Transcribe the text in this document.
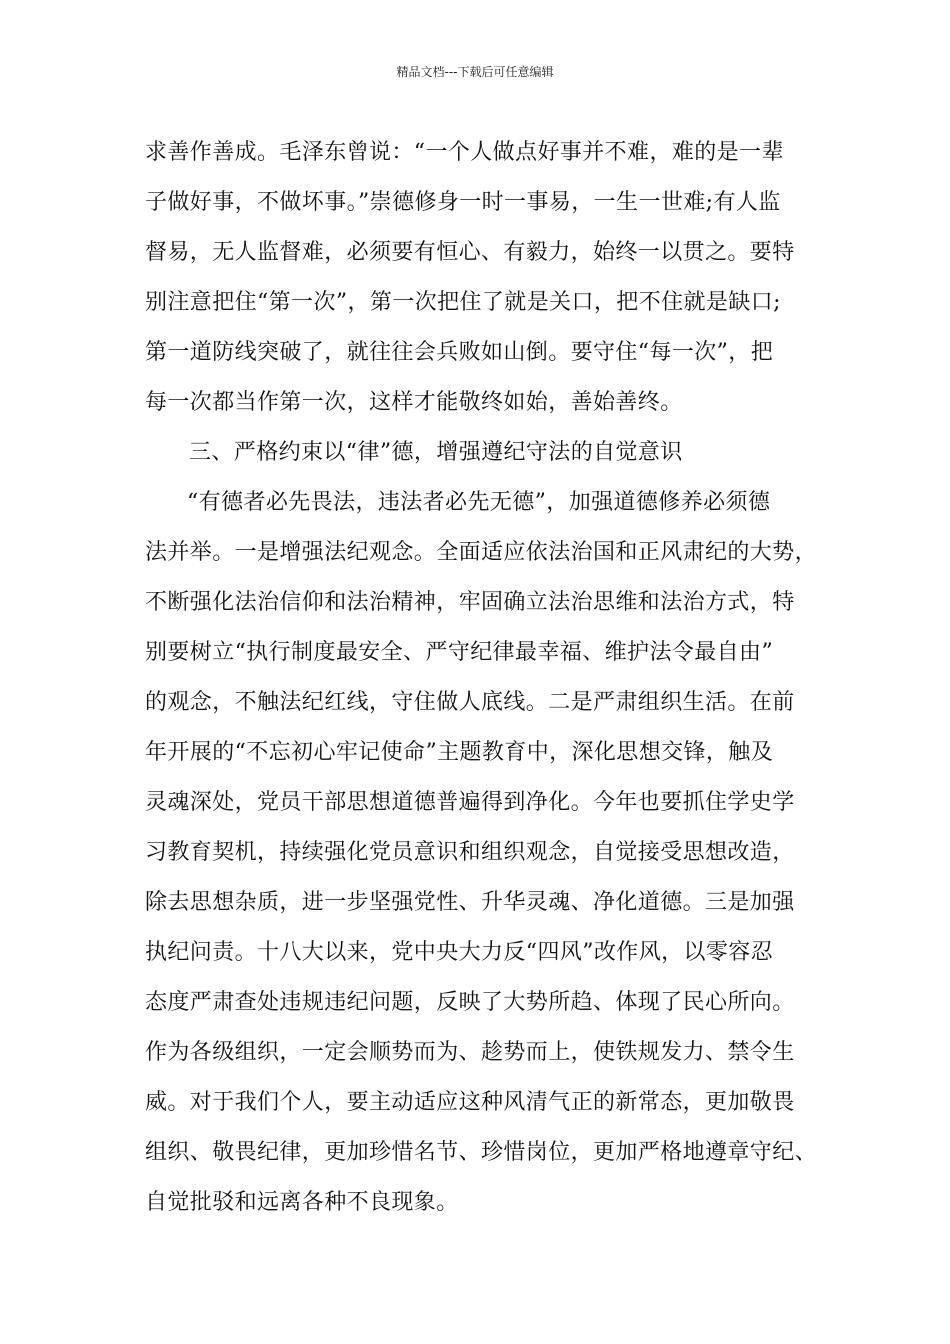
精品文档---下载后可任意编辑
求善作善成。毛泽东曾说：“一个人做点好事并不难，难的是一辈
子做好事，不做坏事。”崇德修身一时一事易，一生一世难;有人监
督易，无人监督难，必须要有恒心、有毅力，始终一以贯之。要特
别注意把住“第一次”，第一次把住了就是关口，把不住就是缺口;
第一道防线突破了，就往往会兵败如山倒。要守住“每一次”，把
每一次都当作第一次，这样才能敬终如始，善始善终。
三、严格约束以“律”德，增强遵纪守法的自觉意识
“有德者必先畏法，违法者必先无德”，加强道德修养必须德
法并举。一是增强法纪观念。全面适应依法治国和正风肃纪的大势，
不断强化法治信仰和法治精神，牢固确立法治思维和法治方式，特
别要树立“执行制度最安全、严守纪律最幸福、维护法令最自由”
的观念，不触法纪红线，守住做人底线。二是严肃组织生活。在前
年开展的“不忘初心牢记使命”主题教育中，深化思想交锋，触及
灵魂深处，党员干部思想道德普遍得到净化。今年也要抓住学史学
习教育契机，持续强化党员意识和组织观念，自觉接受思想改造，
除去思想杂质，进一步坚强党性、升华灵魂、净化道德。三是加强
执纪问责。十八大以来，党中央大力反“四风”改作风，以零容忍
态度严肃查处违规违纪问题，反映了大势所趋、体现了民心所向。
作为各级组织，一定会顺势而为、趁势而上，使铁规发力、禁令生
威。对于我们个人，要主动适应这种风清气正的新常态，更加敬畏
组织、敬畏纪律，更加珍惜名节、珍惜岗位，更加严格地遵章守纪、
自觉批驳和远离各种不良现象。
